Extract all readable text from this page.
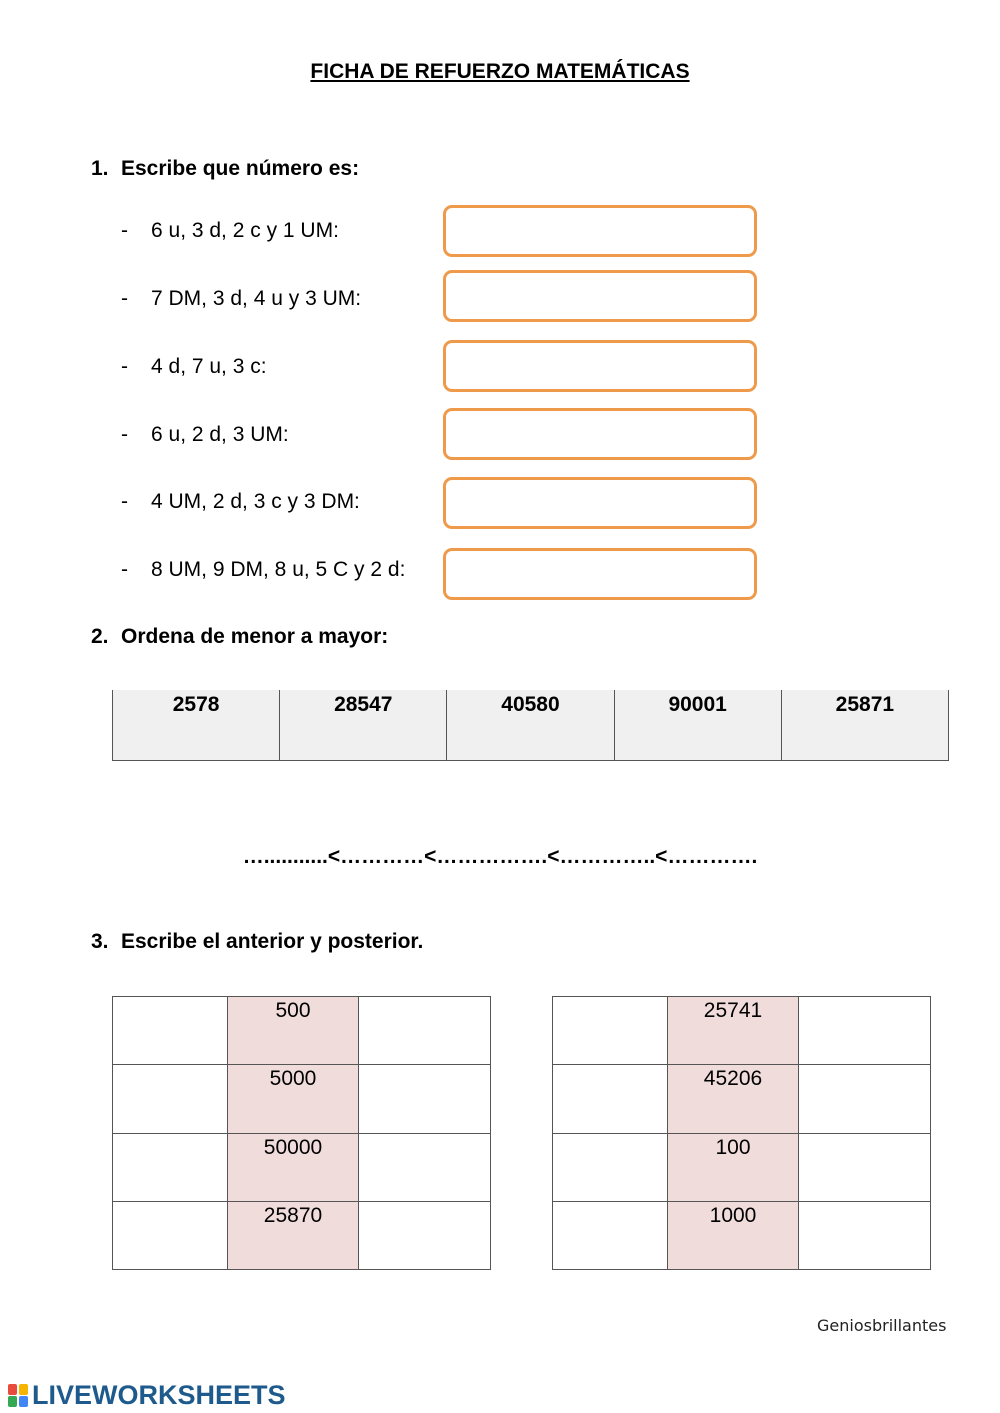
FICHA DE REFUERZO MATEMÁTICAS
1. Escribe que número es:
- 6 u, 3 d, 2 c y 1 UM:
- 7 DM, 3 d, 4 u y 3 UM:
- 4 d, 7 u, 3 c:
- 6 u, 2 d, 3 UM:
- 4 UM, 2 d, 3 c y 3 DM:
- 8 UM, 9 DM, 8 u, 5 C y 2 d:
2. Ordena de menor a mayor:
2578	28547	40580	90001	25871
…...........<…………<…………….<…………..<………….
3. Escribe el anterior y posterior.
	500	
	5000	
	50000	
	25870	
	25741	
	45206	
	100	
	1000	
Geniosbrillantes
LIVEWORKSHEETS
